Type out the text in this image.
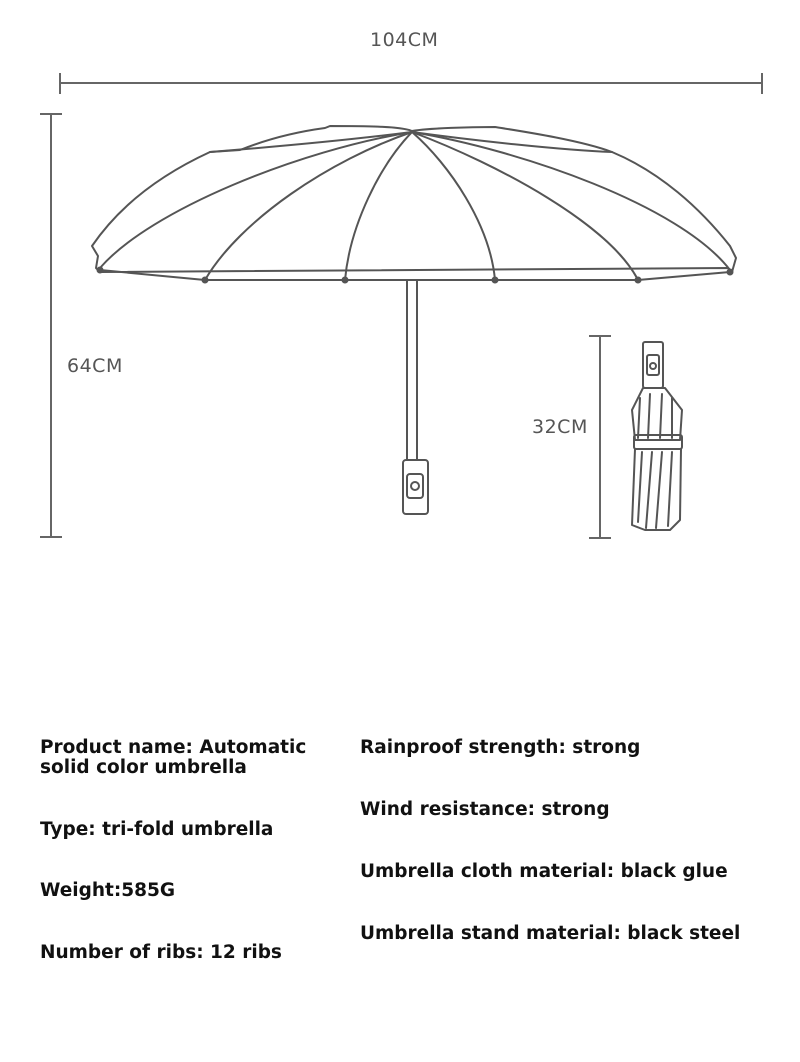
104CM
64CM
32CM
Product name: Automatic
solid color umbrella
Type: tri-fold umbrella
Weight:585G
Number of ribs: 12 ribs
Rainproof strength: strong
Wind resistance: strong
Umbrella cloth material: black glue
Umbrella stand material: black steel
